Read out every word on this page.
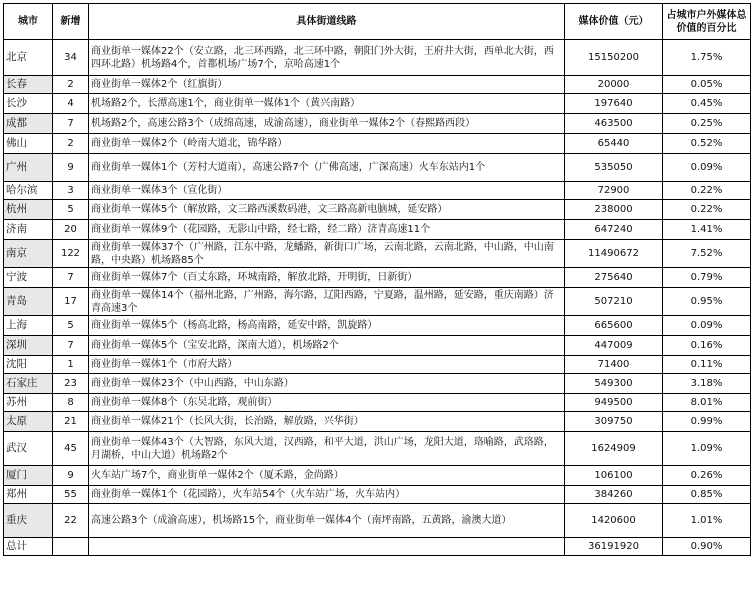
城市	新增	具体街道线路	媒体价值（元）	占城市户外媒体总价值的百分比
北京	34	商业街单一媒体22个（安立路，北三环西路，北三环中路，朝阳门外大街，王府井大街，西单北大街，西四环北路）机场路4个，首都机场广场7个，京哈高速1个	15150200	1.75%
长春	2	商业街单一媒体2个（红旗街）	20000	0.05%
长沙	4	机场路2个，长潭高速1个，商业街单一媒体1个（黄兴南路）	197640	0.45%
成都	7	机场路2个，高速公路3个（成绵高速，成渝高速），商业街单一媒体2个（春熙路西段）	463500	0.25%
佛山	2	商业街单一媒体2个（岭南大道北，锦华路）	65440	0.52%
广州	9	商业街单一媒体1个（芳村大道南），高速公路7个（广佛高速，广深高速）火车东站内1个	535050	0.09%
哈尔滨	3	商业街单一媒体3个（宣化街）	72900	0.22%
杭州	5	商业街单一媒体5个（解放路，文三路西溪数码港，文三路高新电脑城，延安路）	238000	0.22%
济南	20	商业街单一媒体9个（花园路，无影山中路，经七路，经二路）济青高速11个	647240	1.41%
南京	122	商业街单一媒体37个（广州路，江东中路，龙蟠路，新街口广场，云南北路，云南北路，中山路，中山南路，中央路）机场路85个	11490672	7.52%
宁波	7	商业街单一媒体7个（百丈东路，环城南路，解放北路，开明街，日新街）	275640	0.79%
青岛	17	商业街单一媒体14个（福州北路，广州路，海尔路，辽阳西路，宁夏路，温州路，延安路，重庆南路）济青高速3个	507210	0.95%
上海	5	商业街单一媒体5个（杨高北路，杨高南路，延安中路，凯旋路）	665600	0.09%
深圳	7	商业街单一媒体5个（宝安北路，深南大道），机场路2个	447009	0.16%
沈阳	1	商业街单一媒体1个（市府大路）	71400	0.11%
石家庄	23	商业街单一媒体23个（中山西路，中山东路）	549300	3.18%
苏州	8	商业街单一媒体8个（东吴北路，观前街）	949500	8.01%
太原	21	商业街单一媒体21个（长风大街，长治路，解放路，兴华街）	309750	0.99%
武汉	45	商业街单一媒体43个（大智路，东风大道，汉西路，和平大道，洪山广场，龙阳大道，珞喻路，武珞路，月湖桥，中山大道）机场路2个	1624909	1.09%
厦门	9	火车站广场7个，商业街单一媒体2个（厦禾路，金尚路）	106100	0.26%
郑州	55	商业街单一媒体1个（花园路），火车站54个（火车站广场，火车站内）	384260	0.85%
重庆	22	高速公路3个（成渝高速），机场路15个，商业街单一媒体4个（南坪南路，五黄路，渝澳大道）	1420600	1.01%
总计			36191920	0.90%
